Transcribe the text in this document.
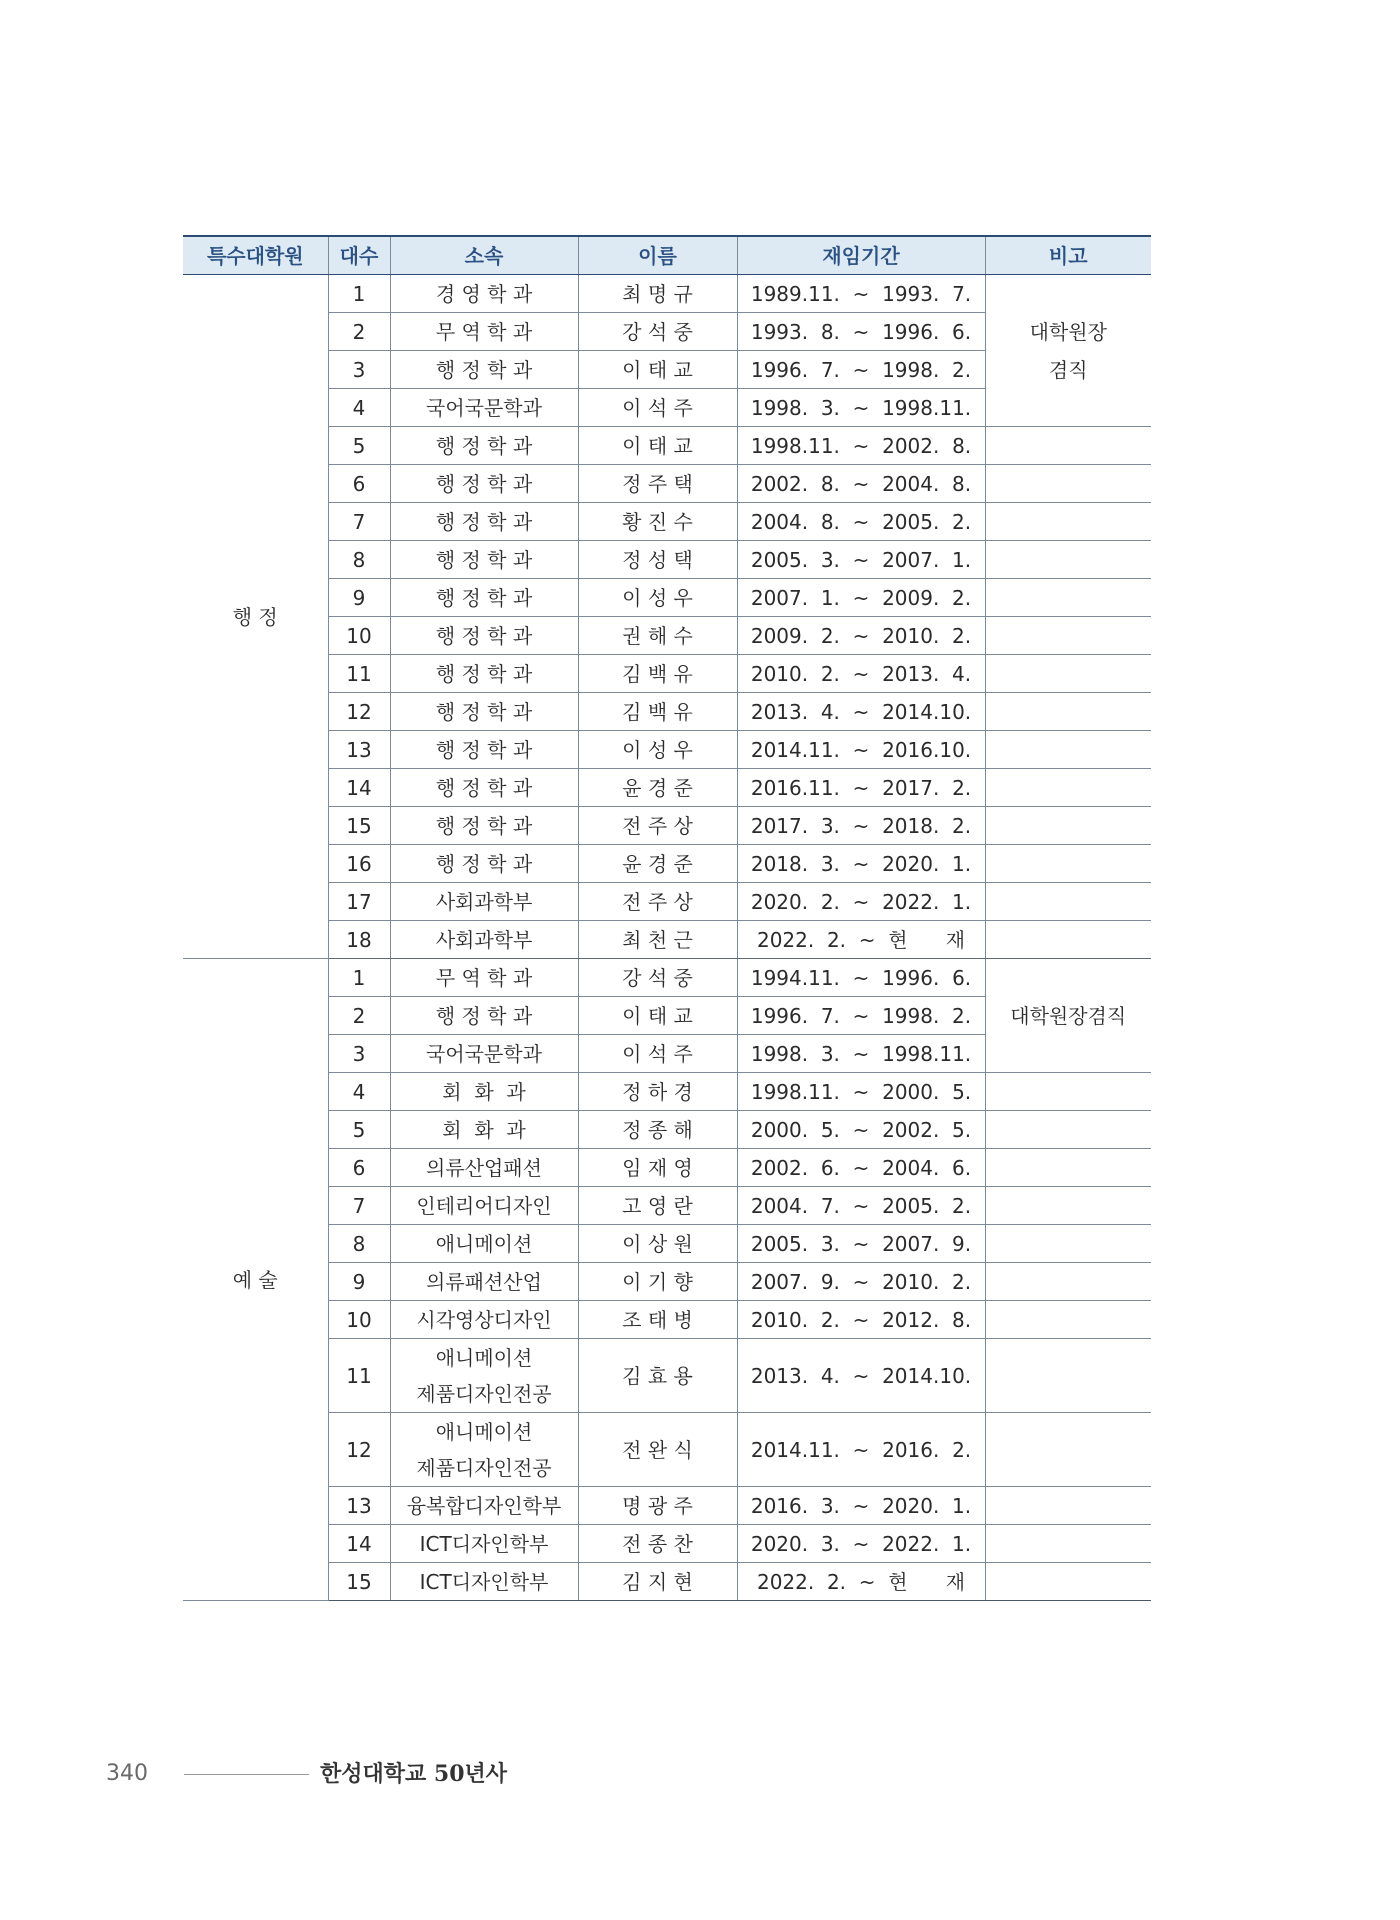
특수대학원	대수	소속	이름	재임기간	비고
행 정	1	경 영 학 과	최 명 규	1989.11.  ~  1993.  7.	대학원장
겸직

	2	무 역 학 과	강 석 중	1993.  8.  ~  1996.  6.	
	3	행 정 학 과	이 태 교	1996.  7.  ~  1998.  2.	
	4	국어국문학과	이 석 주	1998.  3.  ~  1998.11.	
	5	행 정 학 과	이 태 교	1998.11.  ~  2002.  8.	
	6	행 정 학 과	정 주 택	2002.  8.  ~  2004.  8.	
	7	행 정 학 과	황 진 수	2004.  8.  ~  2005.  2.	
	8	행 정 학 과	정 성 택	2005.  3.  ~  2007.  1.	
	9	행 정 학 과	이 성 우	2007.  1.  ~  2009.  2.	
	10	행 정 학 과	권 해 수	2009.  2.  ~  2010.  2.	
	11	행 정 학 과	김 백 유	2010.  2.  ~  2013.  4.	
	12	행 정 학 과	김 백 유	2013.  4.  ~  2014.10.	
	13	행 정 학 과	이 성 우	2014.11.  ~  2016.10.	
	14	행 정 학 과	윤 경 준	2016.11.  ~  2017.  2.	
	15	행 정 학 과	전 주 상	2017.  3.  ~  2018.  2.	
	16	행 정 학 과	윤 경 준	2018.  3.  ~  2020.  1.	
	17	사회과학부	전 주 상	2020.  2.  ~  2022.  1.	
	18	사회과학부	최 천 근	2022.  2.  ~  현      재	
예 술	1	무 역 학 과	강 석 중	1994.11.  ~  1996.  6.	대학원장겸직

	2	행 정 학 과	이 태 교	1996.  7.  ~  1998.  2.	
	3	국어국문학과	이 석 주	1998.  3.  ~  1998.11.	
	4	회  화  과	정 하 경	1998.11.  ~  2000.  5.	
	5	회  화  과	정 종 해	2000.  5.  ~  2002.  5.	
	6	의류산업패션	임 재 영	2002.  6.  ~  2004.  6.	
	7	인테리어디자인	고 영 란	2004.  7.  ~  2005.  2.	
	8	애니메이션	이 상 원	2005.  3.  ~  2007.  9.	
	9	의류패션산업	이 기 향	2007.  9.  ~  2010.  2.	
	10	시각영상디자인	조 태 병	2010.  2.  ~  2012.  8.	
	11	애니메이션
제품디자인전공	김 효 용	2013.  4.  ~  2014.10.	
	12	애니메이션
제품디자인전공	전 완 식	2014.11.  ~  2016.  2.	
	13	융복합디자인학부	명 광 주	2016.  3.  ~  2020.  1.	
	14	ICT디자인학부	전 종 찬	2020.  3.  ~  2022.  1.	
	15	ICT디자인학부	김 지 현	2022.  2.  ~  현      재	
340	한성대학교 50년사
